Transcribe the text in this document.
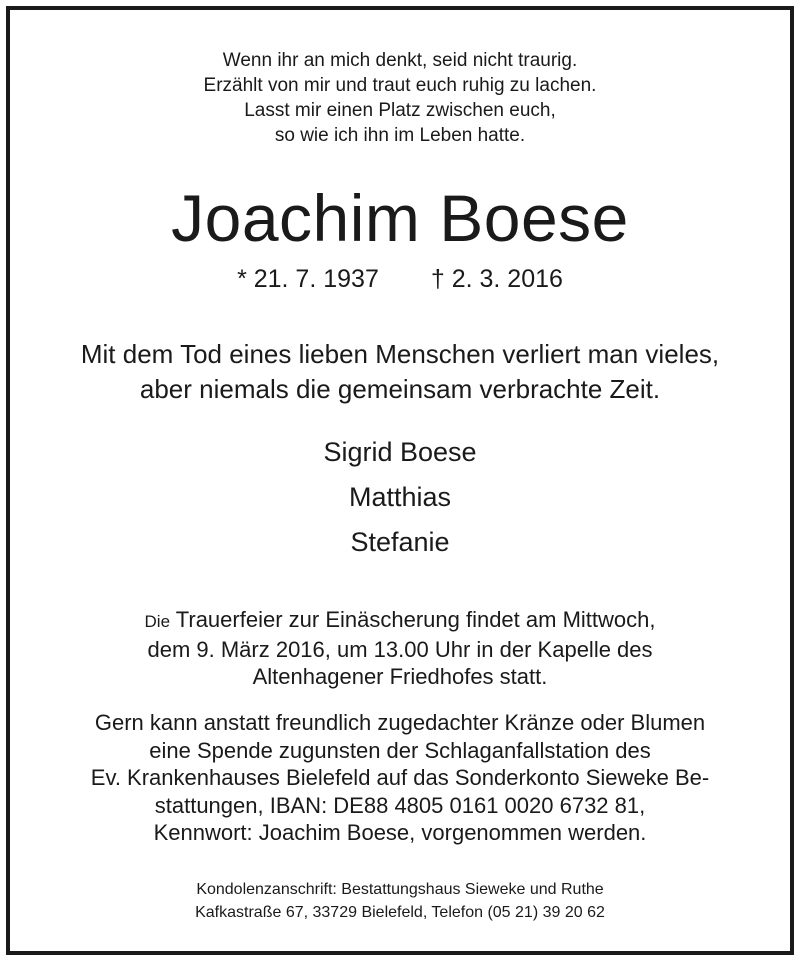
Wenn ihr an mich denkt, seid nicht traurig.
Erzählt von mir und traut euch ruhig zu lachen.
Lasst mir einen Platz zwischen euch,
so wie ich ihn im Leben hatte.
Joachim Boese
* 21. 7. 1937 † 2. 3. 2016
Mit dem Tod eines lieben Menschen verliert man vieles,
aber niemals die gemeinsam verbrachte Zeit.
Sigrid Boese
Matthias
Stefanie
Die Trauerfeier zur Einäscherung findet am Mittwoch,
dem 9. März 2016, um 13.00 Uhr in der Kapelle des
Altenhagener Friedhofes statt.
Gern kann anstatt freundlich zugedachter Kränze oder Blumen
eine Spende zugunsten der Schlaganfallstation des
Ev. Krankenhauses Bielefeld auf das Sonderkonto Sieweke Be-
stattungen, IBAN: DE88 4805 0161 0020 6732 81,
Kennwort: Joachim Boese, vorgenommen werden.
Kondolenzanschrift: Bestattungshaus Sieweke und Ruthe
Kafkastraße 67, 33729 Bielefeld, Telefon (05 21) 39 20 62
